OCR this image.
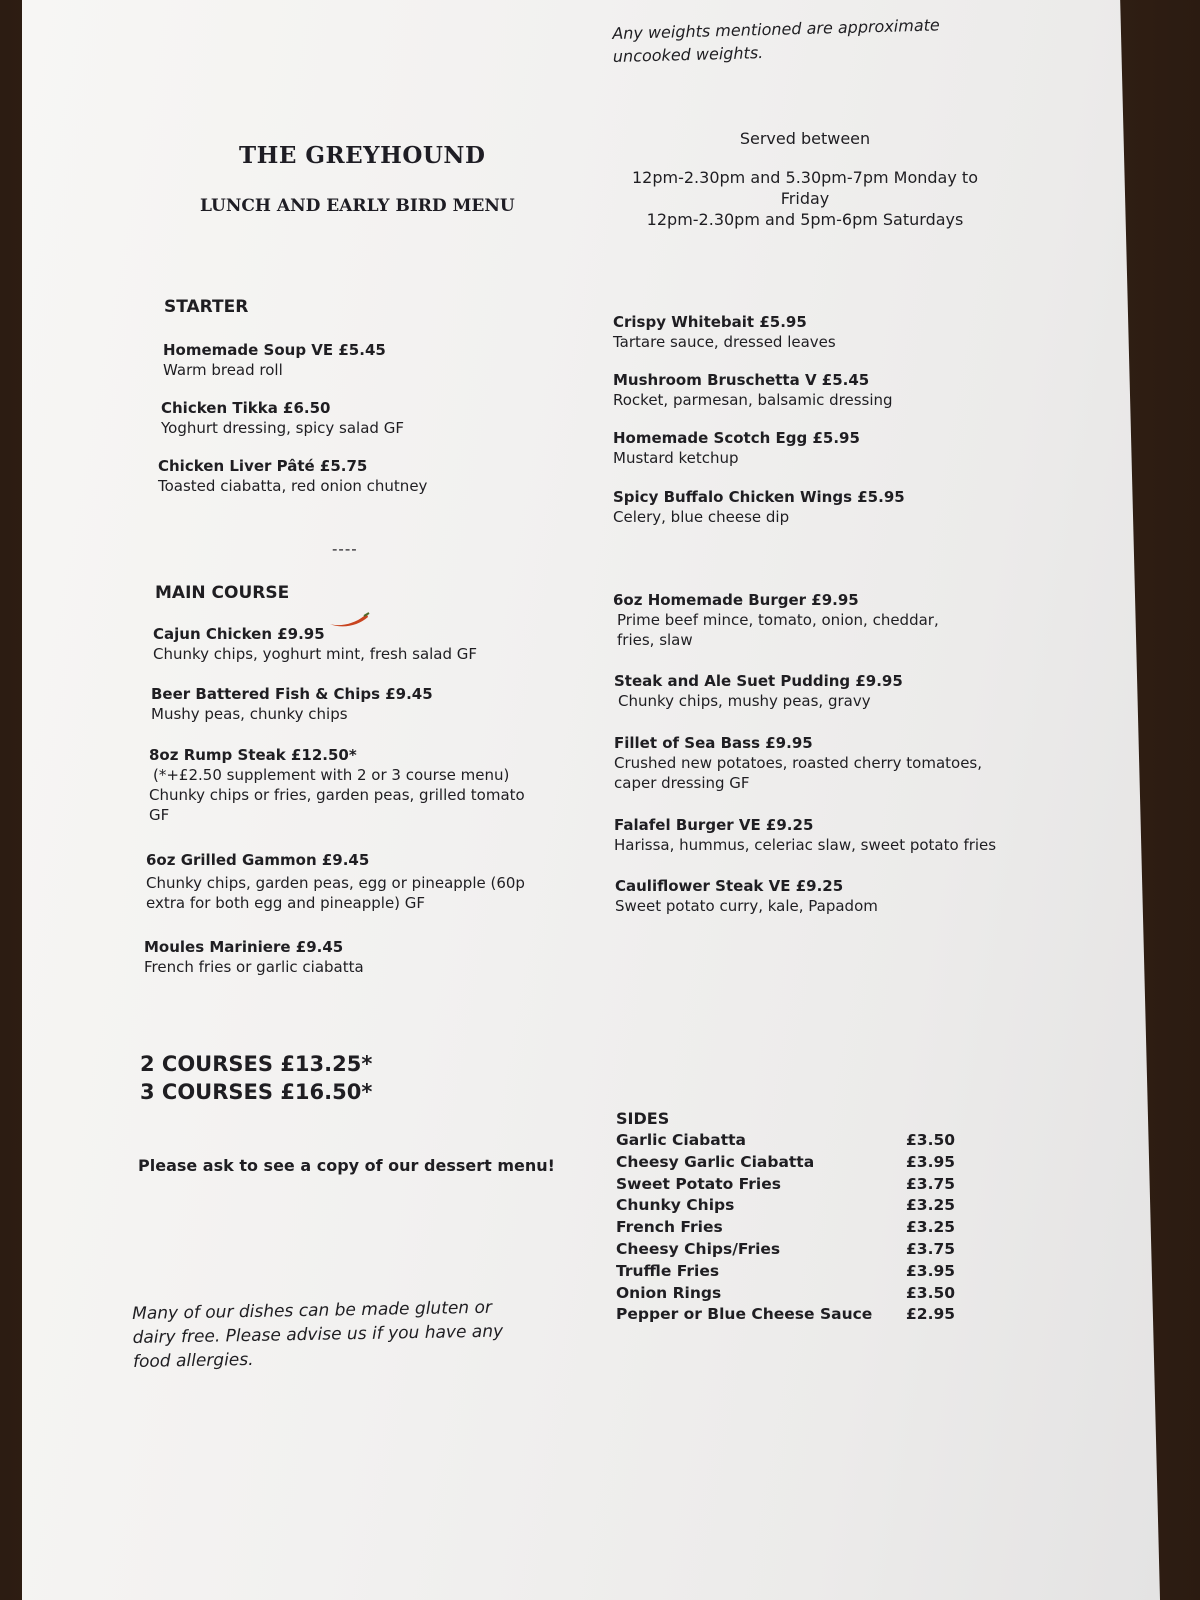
THE GREYHOUND
LUNCH AND EARLY BIRD MENU
Any weights mentioned are approximate uncooked weights.
Served between
12pm-2.30pm and 5.30pm-7pm Monday to Friday
12pm-2.30pm and 5pm-6pm Saturdays
STARTER
Homemade Soup VE £5.45
Warm bread roll
Chicken Tikka £6.50
Yoghurt dressing, spicy salad GF
Chicken Liver Pâté £5.75
Toasted ciabatta, red onion chutney
Crispy Whitebait £5.95
Tartare sauce, dressed leaves
Mushroom Bruschetta V £5.45
Rocket, parmesan, balsamic dressing
Homemade Scotch Egg £5.95
Mustard ketchup
Spicy Buffalo Chicken Wings £5.95
Celery, blue cheese dip
----
MAIN COURSE
Cajun Chicken £9.95
Chunky chips, yoghurt mint, fresh salad GF
Beer Battered Fish & Chips £9.45
Mushy peas, chunky chips
8oz Rump Steak £12.50*
(*+£2.50 supplement with 2 or 3 course menu)
Chunky chips or fries, garden peas, grilled tomato
GF
6oz Grilled Gammon £9.45
Chunky chips, garden peas, egg or pineapple (60p
extra for both egg and pineapple) GF
Moules Mariniere £9.45
French fries or garlic ciabatta
6oz Homemade Burger £9.95
Prime beef mince, tomato, onion, cheddar,
fries, slaw
Steak and Ale Suet Pudding £9.95
Chunky chips, mushy peas, gravy
Fillet of Sea Bass £9.95
Crushed new potatoes, roasted cherry tomatoes,
caper dressing GF
Falafel Burger VE £9.25
Harissa, hummus, celeriac slaw, sweet potato fries
Cauliflower Steak VE £9.25
Sweet potato curry, kale, Papadom
2 COURSES £13.25*
3 COURSES £16.50*
Please ask to see a copy of our dessert menu!
Many of our dishes can be made gluten or dairy free. Please advise us if you have any food allergies.
SIDES
Garlic Ciabatta	£3.50
Cheesy Garlic Ciabatta	£3.95
Sweet Potato Fries	£3.75
Chunky Chips	£3.25
French Fries	£3.25
Cheesy Chips/Fries	£3.75
Truffle Fries	£3.95
Onion Rings	£3.50
Pepper or Blue Cheese Sauce £2.95
